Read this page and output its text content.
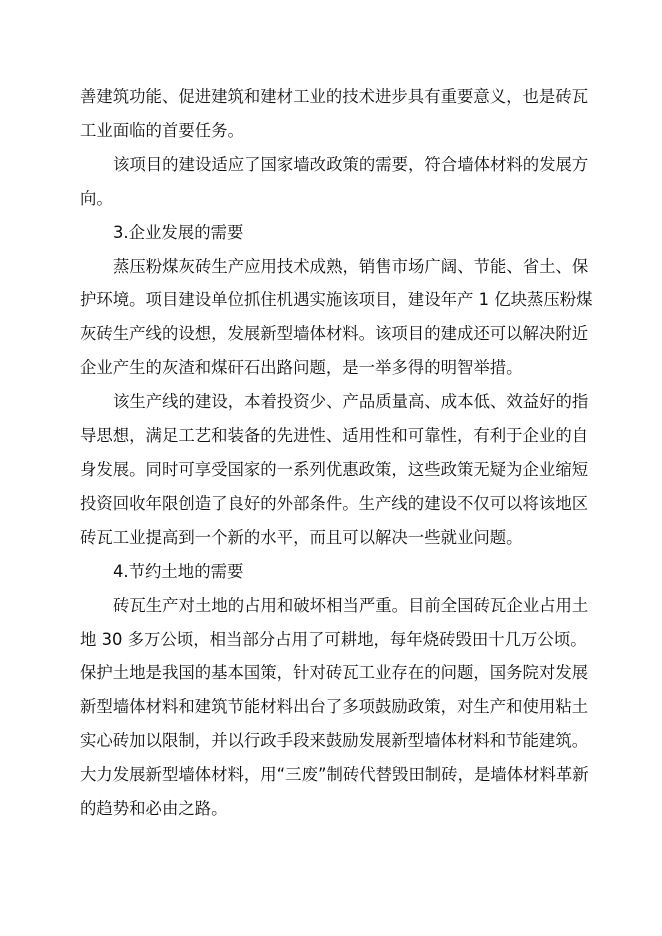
善建筑功能、促进建筑和建材工业的技术进步具有重要意义，也是砖瓦
工业面临的首要任务。

该项目的建设适应了国家墙改政策的需要，符合墙体材料的发展方
向。

3.企业发展的需要

蒸压粉煤灰砖生产应用技术成熟，销售市场广阔、节能、省土、保
护环境。项目建设单位抓住机遇实施该项目，建设年产 1 亿块蒸压粉煤
灰砖生产线的设想，发展新型墙体材料。该项目的建成还可以解决附近
企业产生的灰渣和煤矸石出路问题，是一举多得的明智举措。

该生产线的建设，本着投资少、产品质量高、成本低、效益好的指
导思想，满足工艺和装备的先进性、适用性和可靠性，有利于企业的自
身发展。同时可享受国家的一系列优惠政策，这些政策无疑为企业缩短
投资回收年限创造了良好的外部条件。生产线的建设不仅可以将该地区
砖瓦工业提高到一个新的水平，而且可以解决一些就业问题。

4.节约土地的需要

砖瓦生产对土地的占用和破坏相当严重。目前全国砖瓦企业占用土
地 30 多万公顷，相当部分占用了可耕地，每年烧砖毁田十几万公顷。
保护土地是我国的基本国策，针对砖瓦工业存在的问题，国务院对发展
新型墙体材料和建筑节能材料出台了多项鼓励政策，对生产和使用粘土
实心砖加以限制，并以行政手段来鼓励发展新型墙体材料和节能建筑。
大力发展新型墙体材料，用“三废”制砖代替毁田制砖，是墙体材料革新
的趋势和必由之路。
